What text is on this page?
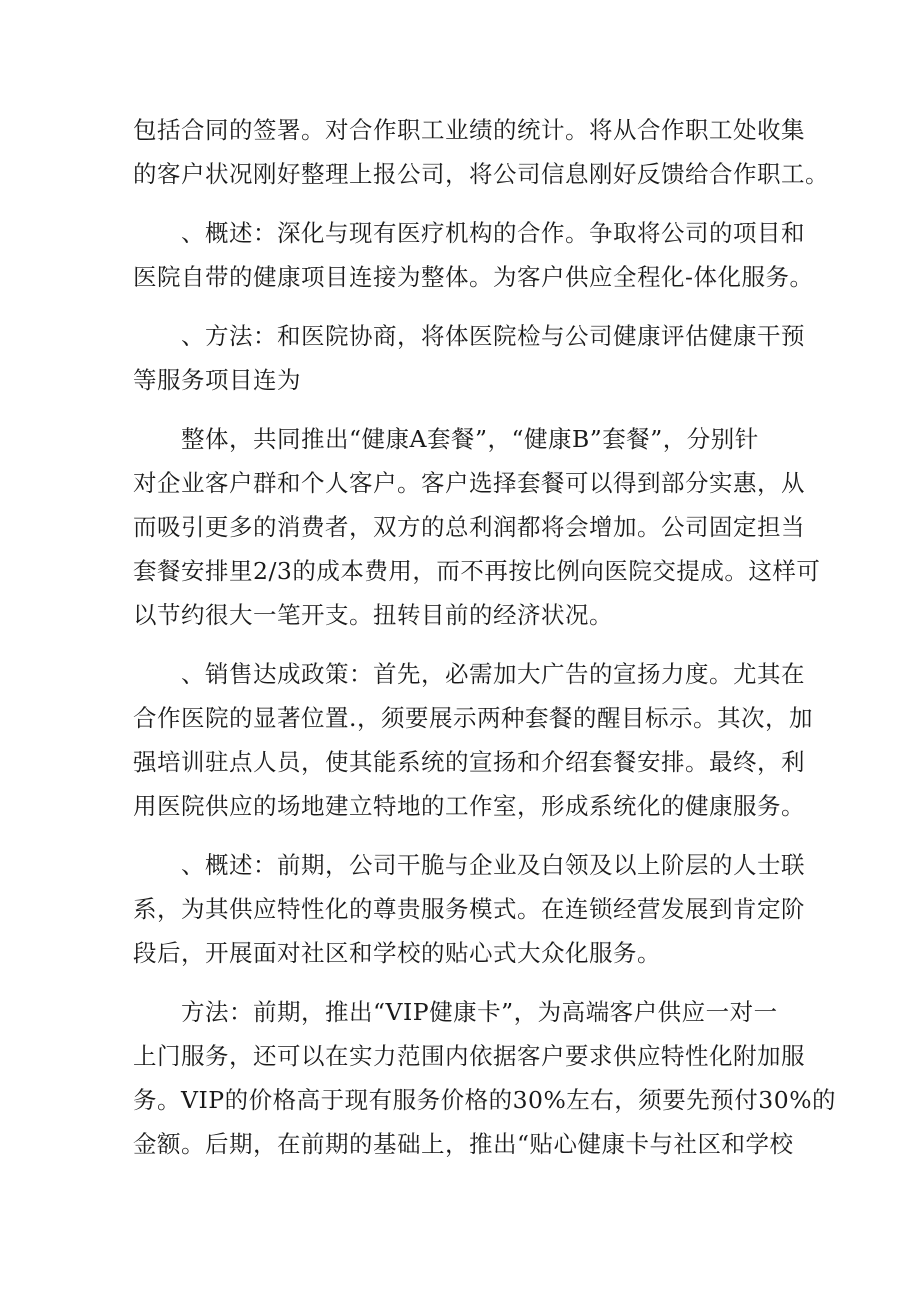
包括合同的签署。对合作职工业绩的统计。将从合作职工处收集
的客户状况刚好整理上报公司，将公司信息刚好反馈给合作职工。
、概述：深化与现有医疗机构的合作。争取将公司的项目和
医院自带的健康项目连接为整体。为客户供应全程化-体化服务。
、方法：和医院协商，将体医院检与公司健康评估健康干预
等服务项目连为
整体，共同推出“健康A套餐”，“健康B”套餐”，分别针
对企业客户群和个人客户。客户选择套餐可以得到部分实惠，从
而吸引更多的消费者，双方的总利润都将会增加。公司固定担当
套餐安排里2/3的成本费用，而不再按比例向医院交提成。这样可
以节约很大一笔开支。扭转目前的经济状况。
、销售达成政策：首先，必需加大广告的宣扬力度。尤其在
合作医院的显著位置.，须要展示两种套餐的醒目标示。其次，加
强培训驻点人员，使其能系统的宣扬和介绍套餐安排。最终，利
用医院供应的场地建立特地的工作室，形成系统化的健康服务。
、概述：前期，公司干脆与企业及白领及以上阶层的人士联
系，为其供应特性化的尊贵服务模式。在连锁经营发展到肯定阶
段后，开展面对社区和学校的贴心式大众化服务。
方法：前期，推出“VIP健康卡”，为高端客户供应一对一
上门服务，还可以在实力范围内依据客户要求供应特性化附加服
务。VIP的价格高于现有服务价格的30%左右，须要先预付30%的
金额。后期，在前期的基础上，推出“贴心健康卡与社区和学校
